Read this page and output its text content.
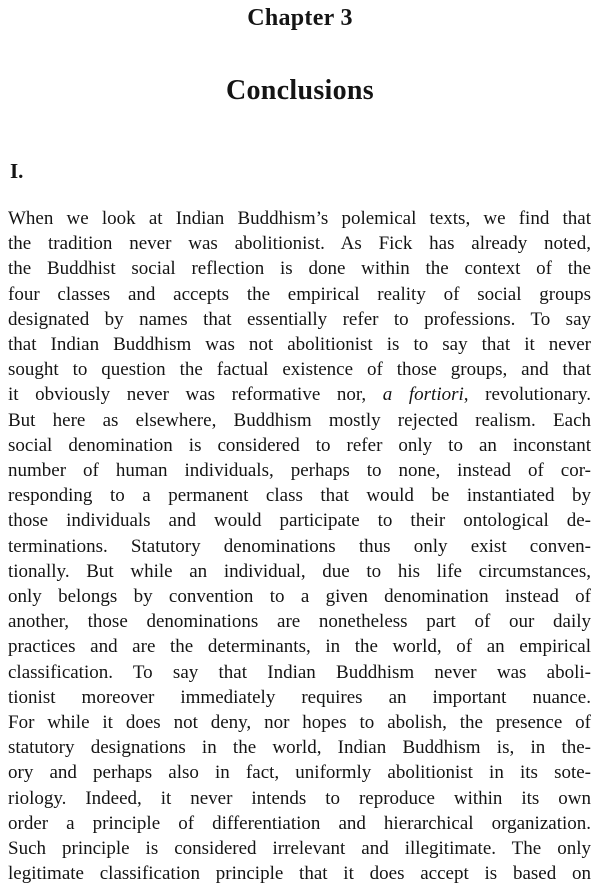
Chapter 3
Conclusions
I.
When we look at Indian Buddhism’s polemical texts, we find that
the tradition never was abolitionist. As Fick has already noted,
the Buddhist social reflection is done within the context of the
four classes and accepts the empirical reality of social groups
designated by names that essentially refer to professions. To say
that Indian Buddhism was not abolitionist is to say that it never
sought to question the factual existence of those groups, and that
it obviously never was reformative nor, a fortiori, revolutionary.
But here as elsewhere, Buddhism mostly rejected realism. Each
social denomination is considered to refer only to an inconstant
number of human individuals, perhaps to none, instead of cor-
responding to a permanent class that would be instantiated by
those individuals and would participate to their ontological de-
terminations. Statutory denominations thus only exist conven-
tionally. But while an individual, due to his life circumstances,
only belongs by convention to a given denomination instead of
another, those denominations are nonetheless part of our daily
practices and are the determinants, in the world, of an empirical
classification. To say that Indian Buddhism never was aboli-
tionist moreover immediately requires an important nuance.
For while it does not deny, nor hopes to abolish, the presence of
statutory designations in the world, Indian Buddhism is, in the-
ory and perhaps also in fact, uniformly abolitionist in its sote-
riology. Indeed, it never intends to reproduce within its own
order a principle of differentiation and hierarchical organization.
Such principle is considered irrelevant and illegitimate. The only
legitimate classification principle that it does accept is based on
